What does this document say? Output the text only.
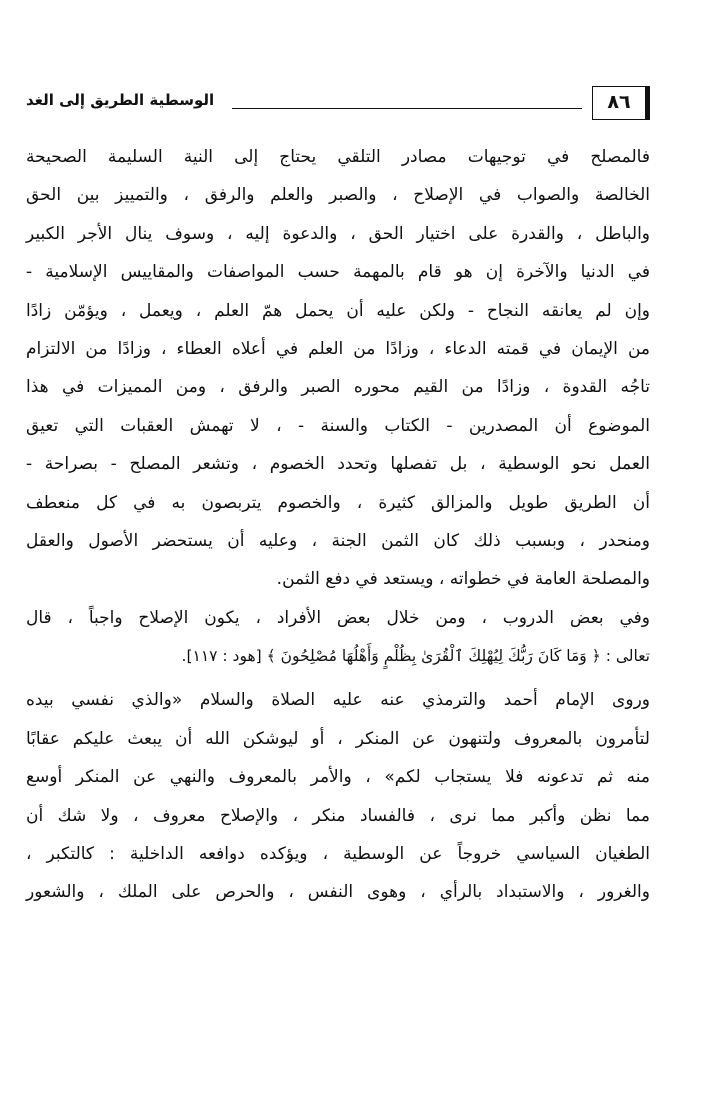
٨٦
الوسطية الطريق إلى الغد
فالمصلح في توجيهات مصادر التلقي يحتاج إلى النية السليمة الصحيحة
الخالصة والصواب في الإصلاح ، والصبر والعلم والرفق ، والتمييز بين الحق
والباطل ، والقدرة على اختيار الحق ، والدعوة إليه ، وسوف ينال الأجر الكبير
في الدنيا والآخرة إن هو قام بالمهمة حسب المواصفات والمقاييس الإسلامية -
وإن لم يعانقه النجاح - ولكن عليه أن يحمل همّ العلم ، ويعمل ، ويؤمّن زادًا
من الإيمان في قمته الدعاء ، وزادًا من العلم في أعلاه العطاء ، وزادًا من الالتزام
تاجُه القدوة ، وزادًا من القيم محوره الصبر والرفق ، ومن المميزات في هذا
الموضوع أن المصدرين - الكتاب والسنة - ، لا تهمش العقبات التي تعيق
العمل نحو الوسطية ، بل تفصلها وتحدد الخصوم ، وتشعر المصلح - بصراحة -
أن الطريق طويل والمزالق كثيرة ، والخصوم يتربصون به في كل منعطف
ومنحدر ، وبسبب ذلك كان الثمن الجنة ، وعليه أن يستحضر الأصول والعقل
والمصلحة العامة في خطواته ، ويستعد في دفع الثمن.
وفي بعض الدروب ، ومن خلال بعض الأفراد ، يكون الإصلاح واجباً ، قال
تعالى : ﴿ وَمَا كَانَ رَبُّكَ لِيُهْلِكَ ٱلْقُرَىٰ بِظُلْمٍ وَأَهْلُهَا مُصْلِحُونَ ﴾ [هود : ١١٧].
وروى الإمام أحمد والترمذي عنه عليه الصلاة والسلام «والذي نفسي بيده
لتأمرون بالمعروف ولتنهون عن المنكر ، أو ليوشكن الله أن يبعث عليكم عقابًا
منه ثم تدعونه فلا يستجاب لكم» ، والأمر بالمعروف والنهي عن المنكر أوسع
مما نظن وأكبر مما نرى ، فالفساد منكر ، والإصلاح معروف ، ولا شك أن
الطغيان السياسي خروجاً عن الوسطية ، ويؤكده دوافعه الداخلية : كالتكبر ،
والغرور ، والاستبداد بالرأي ، وهوى النفس ، والحرص على الملك ، والشعور
